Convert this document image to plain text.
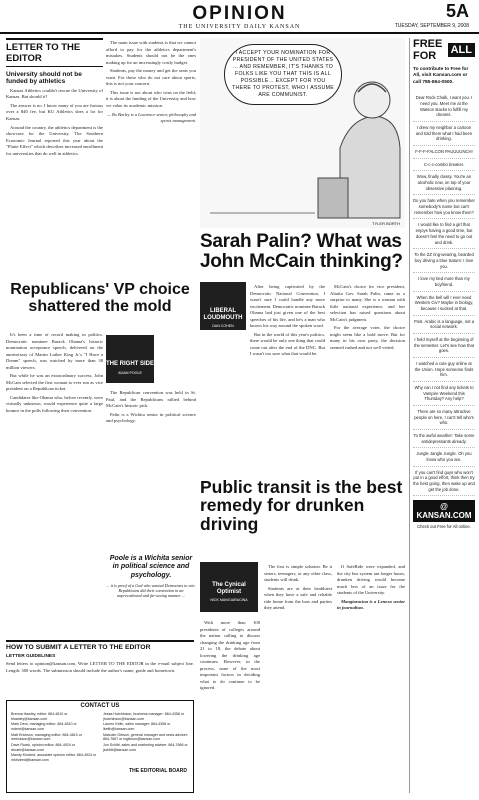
OPINION
THE UNIVERSITY DAILY KANSAN
5A
TUESDAY, SEPTEMBER 9, 2008
LETTER TO THE EDITOR
University should not be funded by athletics

Kansas Athletics couldn't rescue the University of Kansas. But should it?

The answer is no. I know many of you are furious over a $40 fee, but KU Athletics does a lot for Kansas.

Around the country, the athletics department is the showcase for the University. The Southern Economic Journal reported this year about the "Flutie Effect" which describes increased enrollment for universities that do well in athletics.

The main issue with students is that we cannot afford to pay for the athletics department's mistakes. Students should not be the ones making up for an increasingly costly budget.

Students, pay the money and get the seats you want. For those who do not care about sports, this is not your concern.

This issue is not about who wins on the field; it is about the funding of the University and how we value its academic mission.

— Bo Barley is a Lawrence senior, philosophy and sports management.
I ACCEPT YOUR NOMINATION FOR PRESIDENT OF THE UNITED STATES ... AND REMEMBER, IT'S THANKS TO FOLKS LIKE YOU THAT THIS IS ALL POSSIBLE... EXCEPT FOR YOU THERE TO PROTEST, WHO I ASSUME ARE COMMUNIST.
TYLER BORTH
Sarah Palin? What was John McCain thinking?
LIBERAL LOUDMOUTH
DAN COHEN

After being captivated by the Democratic National Convention, I wasn't sure I could handle any more excitement. Democratic nominee Barack Obama had just given one of the best speeches of his life, and he's a man who knows his way around the spoken word.

But in the world of this year's politics, there would be only one thing that could come out after the end of the DNC. But I wasn't too sure what that would be.

McCain's choice for vice president, Alaska Gov. Sarah Palin, came as a surprise to many. She is a woman with little national experience, and her selection has raised questions about McCain's judgment.

For the average voter, the choice might seem like a bold move. But for many in his own party, the decision seemed rushed and not well vetted.

Republicans' VP choice shattered the mold
THE RIGHT SIDE
ADAM POOLE

It's been a time of record making in politics. Democratic nominee Barack Obama's historic nomination acceptance speech, delivered on the anniversary of Martin Luther King Jr.'s "I Have a Dream" speech, was watched by more than 38 million viewers.

But while he was an extraordinary success, John McCain selected the first woman to ever run as vice president on a Republican ticket.

Candidates like Obama who, before recently, were virtually unknown, would experience quite a large bounce in the polls following their convention.

The Republican convention was held in St. Paul, and the Republicans rallied behind McCain's historic pick.

Palin is a Wichita senior in political science and psychology.

Poole is a Wichita senior in political science and psychology.
... it is proof of a God who wanted Democrats to win. Republicans did their convention in an unprecedented and far-seeing manner ...
Public transit is the best remedy for drunken driving
The Cynical Optimist
NICK MANGIARACINA

With more than 100 presidents of colleges around the nation calling to discuss changing the drinking age from 21 to 18, the debate about lowering the drinking age continues. However, in the process, none of the most important factors in deciding what to do continue to be ignored.

The first is simple solution. Be it sisters, teenagers, or any other class, students will drink.

Students are at their healthiest when they have a safe and reliable ride home from the bars and parties they attend.

If SafeRide were expanded, and the city bus system ran longer hours, drunken driving would become much less of an issue for the students of the University.

Mangiaracina is a Lenexa senior in journalism.

HOW TO SUBMIT A LETTER TO THE EDITOR
LETTER GUIDELINES
Send letters to opinion@kansan.com. Write LETTER TO THE EDITOR in the e-mail subject line. Length: 300 words. The submission should include the author's name, grade and hometown.
CONTACT US
Brenna Hawley, editor: 864-4810 or bhawley@kansan.com
Jessa Hutchinson, business manager: 864-4358 or jhutchinson@kansan.com
Mark Dent, managing editor: 864-4810 or mdent@kansan.com
Lauren Keith, sales manager: 864-4358 or lkeith@kansan.com
Matt Erickson, managing editor: 864-4810 or merickson@kansan.com
Malcolm Gibson, general manager and news adviser: 864-7667 or mgibson@kansan.com
Dave Ruark, opinion editor: 864-4924 or druark@kansan.com
Jon Schlitt, sales and marketing adviser: 864-7666 or jschlitt@kansan.com
Mandy Kindred, associate opinion editor: 864-4924 or mkindred@kansan.com
THE EDITORIAL BOARD
FREE FOR	ALL
To contribute to Free for All, visit Kansan.com or call 785-864-0500.
Dear Rock Chalk, I want you. I need you. Meet me at the Watson stacks to fulfill my dreams.
I drew my neighbor a cartoon and told them what I had been drinking.
F-F-F-FALCON PAUUUUNCH!
C-c-c-combo breaker.
Wow, finally classy. You're an alcoholic now, on top of your obsessive planning.
Do you hate when you remember somebody's name but can't remember how you know them?
I would like to find a girl that enjoys having a good time, but doesn't feel the need to go out and drink.
To the ZZ ring-wearing, bearded boy driving a blue Saturn: I love you.
I love my bed more than my boyfriend.
When the bell will I ever need Western Civ? Maybe in biology, because I sucked at that.
Post. Arabic is a language, not a social network.
I held myself at the beginning of the semester. Let's see how that goes.
I watched a cute guy online at the Union. Hope someone finds him.
Why can I not find any tickets to Vampire Weekend this Thursday? Any help?
There are so many attractive people on here, I can't tell who's who.
To the awful weather: Take some antidepressants already.
Jungle Jangle Jungle. Oh you know who you are.
If you can't find guys who won't put in a good effort, think then try the best going, then wake up and get the job done.
@ KANSAN.COM
Check out Free for All online.
